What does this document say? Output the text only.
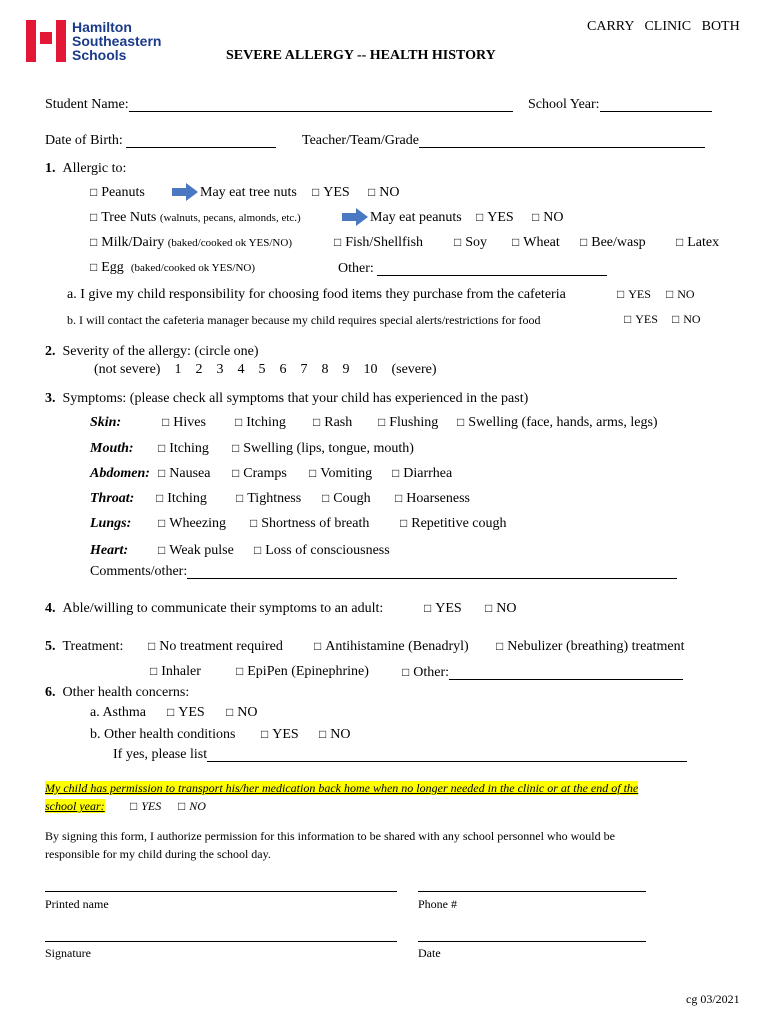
Hamilton
Southeastern
Schools
CARRY   CLINIC   BOTH
SEVERE ALLERGY -- HEALTH HISTORY
Student Name:	School Year:
Date of Birth:	Teacher/Team/Grade
1. Allergic to:
□ Peanuts	May eat tree nuts □ YES □ NO
□ Tree Nuts (walnuts, pecans, almonds, etc.)	May eat peanuts □ YES □ NO
□ Milk/Dairy (baked/cooked ok YES/NO)	□ Fish/Shellfish	□ Soy □ Wheat □ Bee/wasp	□ Latex
□ Egg (baked/cooked ok YES/NO)	Other:
a. I give my child responsibility for choosing food items they purchase from the cafeteria	□ YES □ NO
b. I will contact the cafeteria manager because my child requires special alerts/restrictions for food	□ YES □ NO
2. Severity of the allergy: (circle one)
(not severe)    1    2    3    4    5    6    7    8    9    10    (severe)
3. Symptoms: (please check all symptoms that your child has experienced in the past)
Skin:	□ Hives □ Itching □ Rash □ Flushing □ Swelling (face, hands, arms, legs)
Mouth: □ Itching □ Swelling (lips, tongue, mouth)
Abdomen: □ Nausea □ Cramps □ Vomiting □ Diarrhea
Throat: □ Itching □ Tightness □ Cough □ Hoarseness
Lungs: □ Wheezing □ Shortness of breath	□ Repetitive cough
Heart: □ Weak pulse □ Loss of consciousness
Comments/other:
4. Able/willing to communicate their symptoms to an adult:	□ YES □ NO
5. Treatment: □ No treatment required	□ Antihistamine (Benadryl) □ Nebulizer (breathing) treatment
□ Inhaler	□ EpiPen (Epinephrine)	□ Other:
6. Other health concerns:
a. Asthma □ YES □ NO
b. Other health conditions □ YES □ NO
If yes, please list
My child has permission to transport his/her medication back home when no longer needed in the clinic or at the end of the
school year: □ YES □ NO
By signing this form, I authorize permission for this information to be shared with any school personnel who would be
responsible for my child during the school day.
Printed name	Phone #
Signature	Date
cg 03/2021
